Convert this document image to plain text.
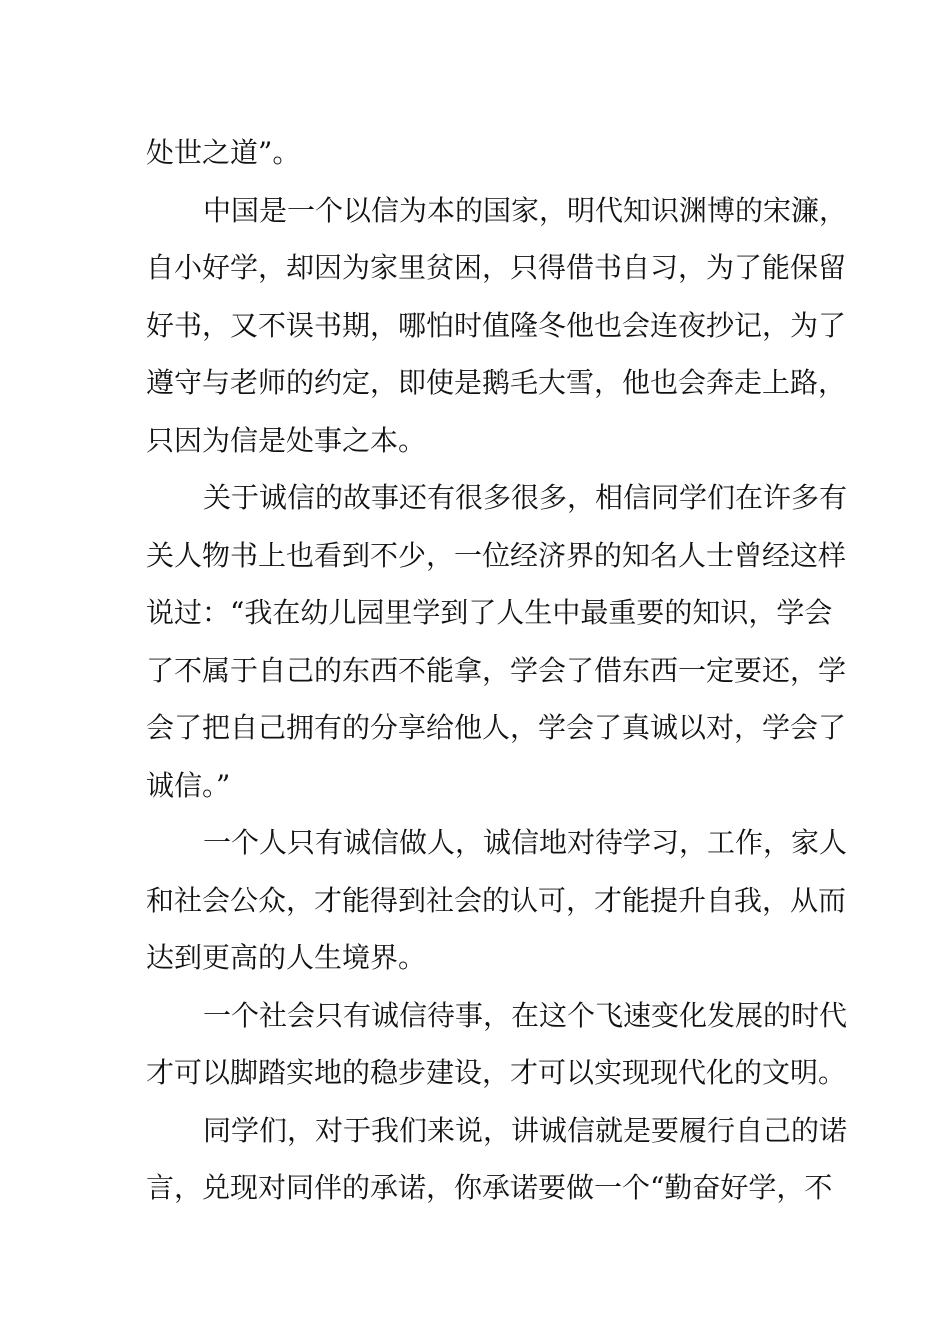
处世之道”。
中国是一个以信为本的国家，明代知识渊博的宋濂，
自小好学，却因为家里贫困，只得借书自习，为了能保留
好书，又不误书期，哪怕时值隆冬他也会连夜抄记，为了
遵守与老师的约定，即使是鹅毛大雪，他也会奔走上路，
只因为信是处事之本。
关于诚信的故事还有很多很多，相信同学们在许多有
关人物书上也看到不少，一位经济界的知名人士曾经这样
说过：“我在幼儿园里学到了人生中最重要的知识，学会
了不属于自己的东西不能拿，学会了借东西一定要还，学
会了把自己拥有的分享给他人，学会了真诚以对，学会了
诚信。”
一个人只有诚信做人，诚信地对待学习，工作，家人
和社会公众，才能得到社会的认可，才能提升自我，从而
达到更高的人生境界。
一个社会只有诚信待事，在这个飞速变化发展的时代
才可以脚踏实地的稳步建设，才可以实现现代化的文明。
同学们，对于我们来说，讲诚信就是要履行自己的诺
言，兑现对同伴的承诺，你承诺要做一个“勤奋好学，不
